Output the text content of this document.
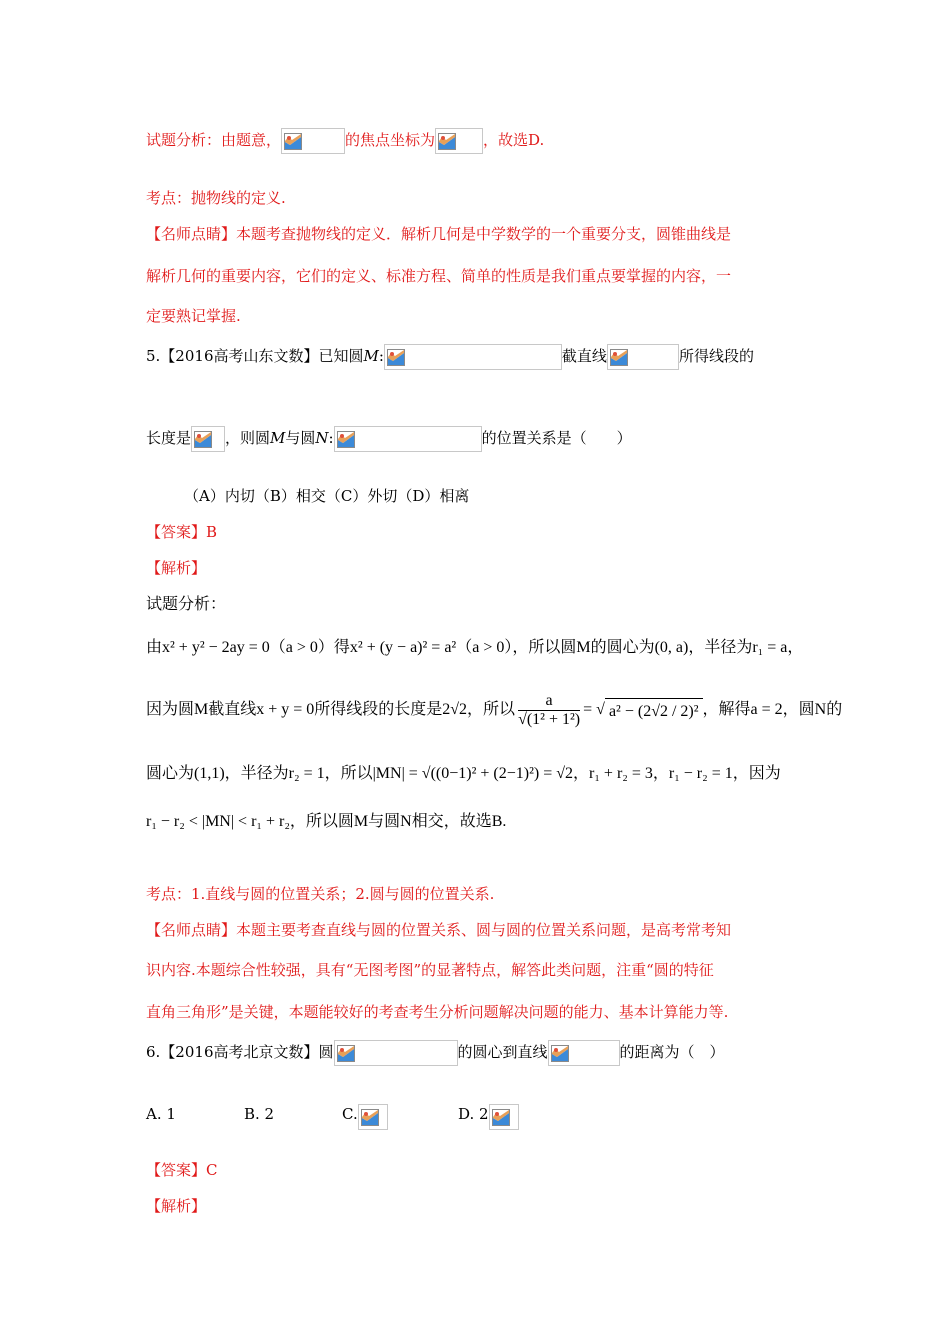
试题分析：由题意，	的焦点坐标为	，故选D.
考点：抛物线的定义.
【名师点睛】本题考查抛物线的定义．解析几何是中学数学的一个重要分支，圆锥曲线是
解析几何的重要内容，它们的定义、标准方程、简单的性质是我们重点要掌握的内容，一
定要熟记掌握.
5.【2016高考山东文数】已知圆M:	截直线	所得线段的
长度是 ，则圆M与圆N:	的位置关系是（　　）
（A）内切（B）相交（C）外切（D）相离
【答案】B
【解析】
试题分析：
由x² + y² − 2ay = 0（a > 0）得x² + (y − a)² = a²（a > 0），所以圆M的圆心为(0, a)，半径为r₁ = a，
因为圆M截直线x + y = 0所得线段的长度是2√2，所以 $\frac{a}{\text{√(1² + 1²)}}$ = √ a² − (2√2 / 2)² ，解得a = 2，圆N的
圆心为(1,1)，半径为r₂ = 1，所以|MN| = √((0−1)² + (2−1)²) = √2，r₁ + r₂ = 3，r₁ − r₂ = 1，因为
r₁ − r₂ < |MN| < r₁ + r₂，所以圆M与圆N相交，故选B.
考点：1.直线与圆的位置关系；2.圆与圆的位置关系.
【名师点睛】本题主要考查直线与圆的位置关系、圆与圆的位置关系问题，是高考常考知
识内容.本题综合性较强，具有“无图考图”的显著特点，解答此类问题，注重“圆的特征
直角三角形”是关键，本题能较好的考查考生分析问题解决问题的能力、基本计算能力等.
6.【2016高考北京文数】圆	的圆心到直线	的距离为（　）
A. 1	B. 2	C.	D. 2
【答案】C
【解析】
